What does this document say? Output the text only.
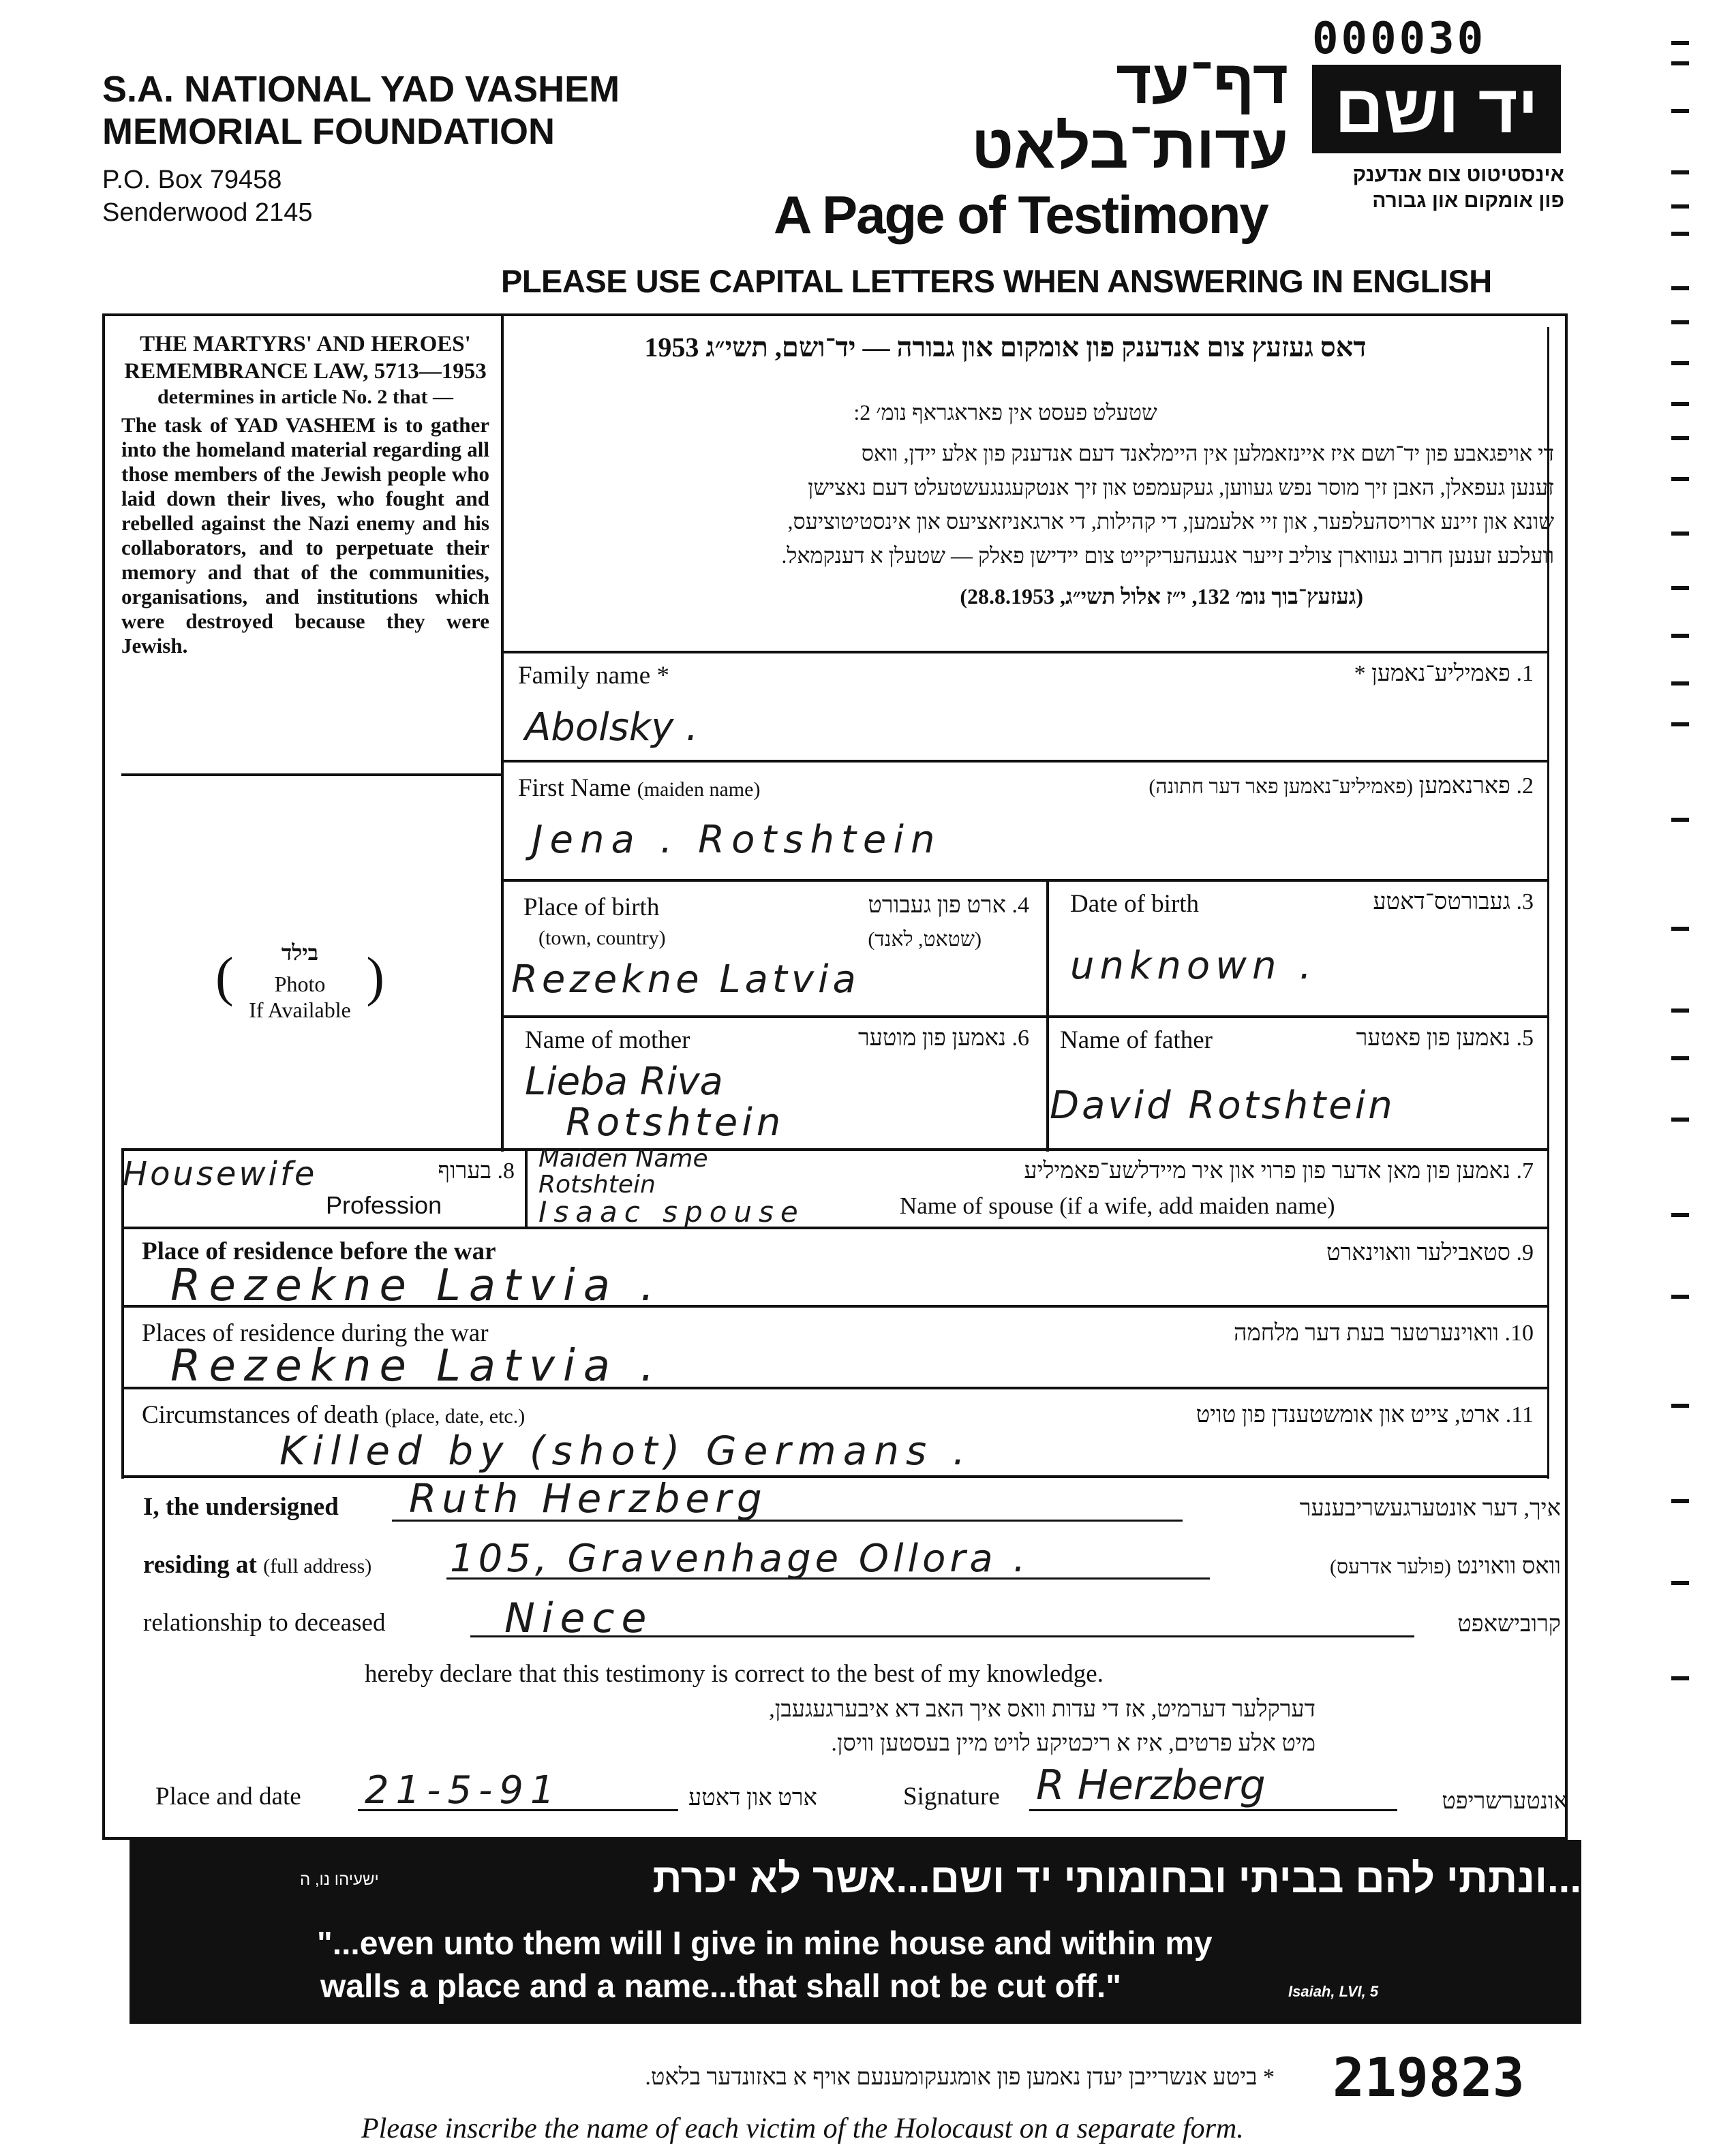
S.A. NATIONAL YAD VASHEM
MEMORIAL FOUNDATION
P.O. Box 79458
Senderwood 2145
000030
דף־עד
עדות־בלאט
A Page of Testimony
יד ושם
אינסטיטוט צום אנדענק
פון אומקום און גבורה
PLEASE USE CAPITAL LETTERS WHEN ANSWERING IN ENGLISH
THE MARTYRS' AND HEROES' REMEMBRANCE LAW, 5713—1953
determines in article No. 2 that —
The task of YAD VASHEM is to gather into the homeland material regarding all those members of the Jewish people who laid down their lives, who fought and rebelled against the Nazi enemy and his collaborators, and to perpetuate their memory and that of the communities, organisations, and institutions which were destroyed because they were Jewish.
בילד
(	Photo
If Available
)
דאס געזעץ צום אנדענק פון אומקום און גבורה — יד־ושם, תשי״ג 1953
שטעלט פעסט אין פאראגראף נומ׳ 2:
די אויפגאבע פון יד־ושם איז איינזאמלען אין היימלאנד דעם אנדענק פון אלע יידן, וואס
זענען געפאלן, האבן זיך מוסר נפש געווען, געקעמפט און זיך אנטקעגנגעשטעלט דעם נאצישן
שונא און זיינע ארויסהעלפער, און זיי אלעמען, די קהילות, די ארגאניזאציעס און אינסטיטוציעס,
וועלכע זענען חרוב געווארן צוליב זייער אנגעהעריקייט צום יידישן פאלק — שטעלן א דענקמאל.
(געזעץ־בוך נומ׳ 132, י״ז אלול תשי״ג, 28.8.1953)
Family name *	1. פאמיליע־נאמען *
Abolsky .
First Name (maiden name)	2. פארנאמען (פאמיליע־נאמען פאר דער חתונה)
Jena . Rotshtein
Place of birth
(town, country)
4. ארט פון געבורט
(שטאט, לאנד)
Rezekne Latvia
Date of birth	3. געבורטס־דאטע
unknown .
Name of mother	6. נאמען פון מוטער
Lieba Riva
Rotshtein
Name of father	5. נאמען פון פאטער
David Rotshtein
Housewife	8. בערוף
Profession
Maiden Name
Rotshtein
Isaac spouse
7. נאמען פון מאן אדער פון פרוי און איר מיידלשע־פאמיליע
Name of spouse (if a wife, add maiden name)
Place of residence before the war	9. סטאבילער וואוינארט
Rezekne Latvia .
Places of residence during the war	10. וואוינערטער בעת דער מלחמה
Rezekne Latvia .
Circumstances of death (place, date, etc.)	11. ארט, צייט און אומשטענדן פון טויט
Killed by (shot) Germans .
I, the undersigned Ruth Herzberg	איך, דער אונטערגעשריבענער
residing at (full address) 105, Gravenhage Ollora .	וואס וואוינט (פולער אדרעס)
relationship to deceased	Niece	קרובישאפט
hereby declare that this testimony is correct to the best of my knowledge.
דערקלער דערמיט, אז די עדות וואס איך האב דא איבערגעגעבן,
מיט אלע פרטים, איז א ריכטיקע לויט מיין בעסטען וויסן.
Place and date 21-5-91	ארט און דאטע	Signature R Herzberg	אונטערשריפט
...ונתתי להם בביתי ובחומותי יד ושם...אשר לא יכרת
ישעיהו נו, ה
"...even unto them will I give in mine house and within my
walls a place and a name...that shall not be cut off."	Isaiah, LVI, 5
* ביטע אנשרייבן יעדן נאמען פון אומגעקומענעם אויף א באזונדער בלאט.
Please inscribe the name of each victim of the Holocaust on a separate form.
219823
